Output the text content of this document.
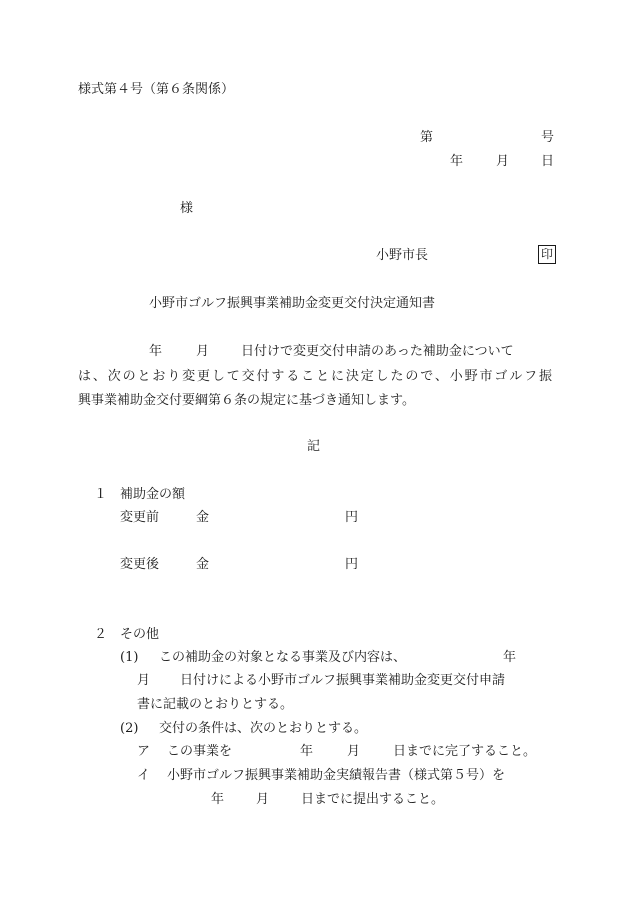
様式第４号（第６条関係）
第	号
年	月 日
様
小野市長	印
小野市ゴルフ振興事業補助金変更交付決定通知書
年	月 日付けで変更交付申請のあった補助金について
は、次のとおり変更して交付することに決定したので、小野市ゴルフ振
興事業補助金交付要綱第６条の規定に基づき通知します。
記
１ 補助金の額
変更前	金	円
変更後	金	円
２ その他
(1) この補助金の対象となる事業及び内容は、	年
月 日付けによる小野市ゴルフ振興事業補助金変更交付申請
書に記載のとおりとする。
(2) 交付の条件は、次のとおりとする。
ア この事業を	年	月	日までに完了すること。
イ 小野市ゴルフ振興事業補助金実績報告書（様式第５号）を
年 月 日までに提出すること。
